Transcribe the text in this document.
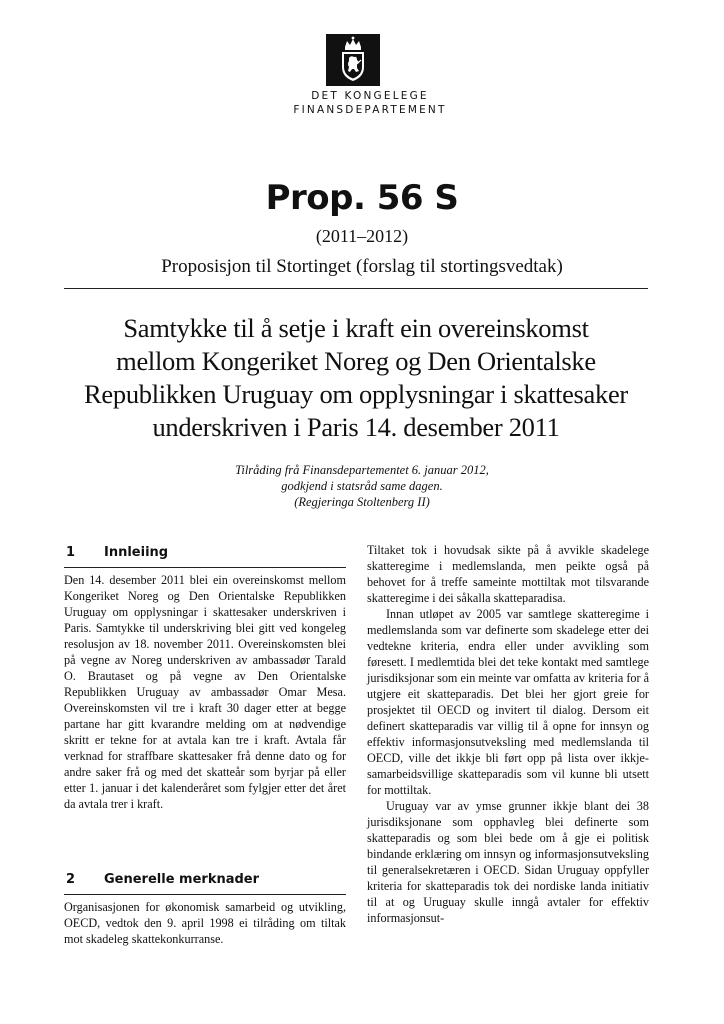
DET KONGELEGE
FINANSDEPARTEMENT
Prop. 56 S
(2011–2012)
Proposisjon til Stortinget (forslag til stortingsvedtak)
Samtykke til å setje i kraft ein overeinskomst
mellom Kongeriket Noreg og Den Orientalske
Republikken Uruguay om opplysningar i skattesaker
underskriven i Paris 14. desember 2011
Tilråding frå Finansdepartementet 6. januar 2012,
godkjend i statsråd same dagen.
(Regjeringa Stoltenberg II)
1 Innleiing

Den 14. desember 2011 blei ein overeinskomst mellom Kongeriket Noreg og Den Orientalske Republikken Uruguay om opplysningar i skattesaker underskriven i Paris. Samtykke til underskriving blei gitt ved kongeleg resolusjon av 18. november 2011. Overeinskomsten blei på vegne av Noreg underskriven av ambassadør Tarald O. Brautaset og på vegne av Den Orientalske Republikken Uruguay av ambassadør Omar Mesa. Overeinskomsten vil tre i kraft 30 dager etter at begge partane har gitt kvarandre melding om at nødvendige skritt er tekne for at avtala kan tre i kraft. Avtala får verknad for straffbare skattesaker frå denne dato og for andre saker frå og med det skatteår som byrjar på eller etter 1. januar i det kalenderåret som fylgjer etter det året da avtala trer i kraft.

2 Generelle merknader

Organisasjonen for økonomisk samarbeid og utvikling, OECD, vedtok den 9. april 1998 ei tilråding om tiltak mot skadeleg skattekonkurranse.

Tiltaket tok i hovudsak sikte på å avvikle skadelege skatteregime i medlemslanda, men peikte også på behovet for å treffe sameinte mottiltak mot tilsvarande skatteregime i dei såkalla skatteparadisa.

Innan utløpet av 2005 var samtlege skatteregime i medlemslanda som var definerte som skadelege etter dei vedtekne kriteria, endra eller under avvikling som føresett. I medlemtida blei det teke kontakt med samtlege jurisdiksjonar som ein meinte var omfatta av kriteria for å utgjere eit skatteparadis. Det blei her gjort greie for prosjektet til OECD og invitert til dialog. Dersom eit definert skatteparadis var villig til å opne for innsyn og effektiv informasjonsutveksling med medlemslanda til OECD, ville det ikkje bli ført opp på lista over ikkje-samarbeidsvillige skatteparadis som vil kunne bli utsett for mottiltak.

Uruguay var av ymse grunner ikkje blant dei 38 jurisdiksjonane som opphavleg blei definerte som skatteparadis og som blei bede om å gje ei politisk bindande erklæring om innsyn og informasjonsutveksling til generalsekretæren i OECD. Sidan Uruguay oppfyller kriteria for skatteparadis tok dei nordiske landa initiativ til at og Uruguay skulle inngå avtaler for effektiv informasjonsut-
